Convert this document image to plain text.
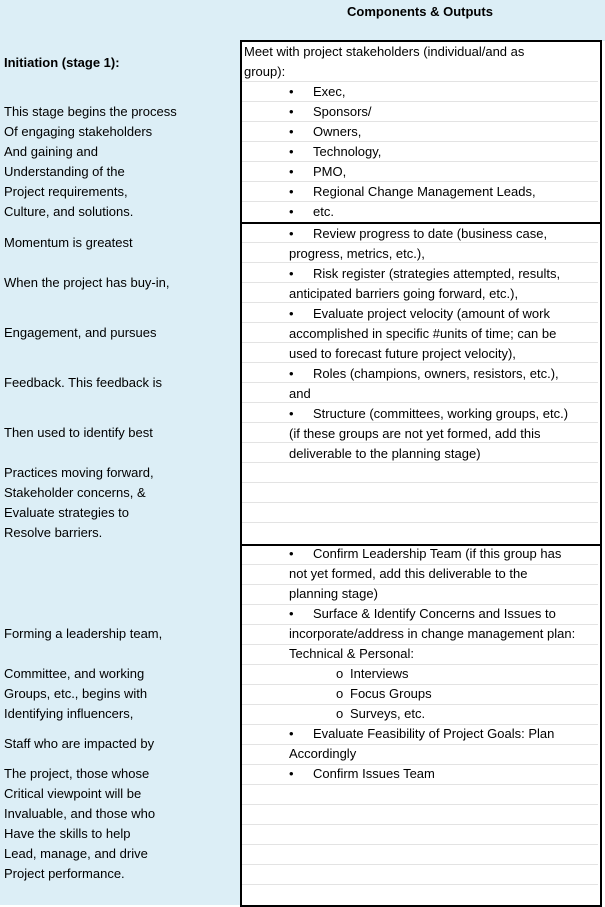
Components & Outputs
Initiation (stage 1):
This stage begins the process
Of engaging stakeholders
And gaining and
Understanding of the
Project requirements,
Culture, and solutions.
Momentum is greatest
When the project has buy-in,
Engagement, and pursues
Feedback. This feedback is
Then used to identify best
Practices moving forward,
Stakeholder concerns, &
Evaluate strategies to
Resolve barriers.
Forming a leadership team,
Committee, and working
Groups, etc., begins with
Identifying influencers,
Staff who are impacted by
The project, those whose
Critical viewpoint will be
Invaluable, and those who
Have the skills to help
Lead, manage, and drive
Project performance.
Meet with project stakeholders (individual/and as
group):
• Exec,
• Sponsors/
• Owners,
• Technology,
• PMO,
• Regional Change Management Leads,
• etc.
• Review progress to date (business case,
progress, metrics, etc.),
• Risk register (strategies attempted, results,
anticipated barriers going forward, etc.),
• Evaluate project velocity (amount of work
accomplished in specific #units of time; can be
used to forecast future project velocity),
• Roles (champions, owners, resistors, etc.),
and
• Structure (committees, working groups, etc.)
(if these groups are not yet formed, add this
deliverable to the planning stage)
• Confirm Leadership Team (if this group has
not yet formed, add this deliverable to the
planning stage)
• Surface & Identify Concerns and Issues to
incorporate/address in change management plan:
Technical & Personal:
o Interviews
o Focus Groups
o Surveys, etc.
• Evaluate Feasibility of Project Goals: Plan
Accordingly
• Confirm Issues Team
